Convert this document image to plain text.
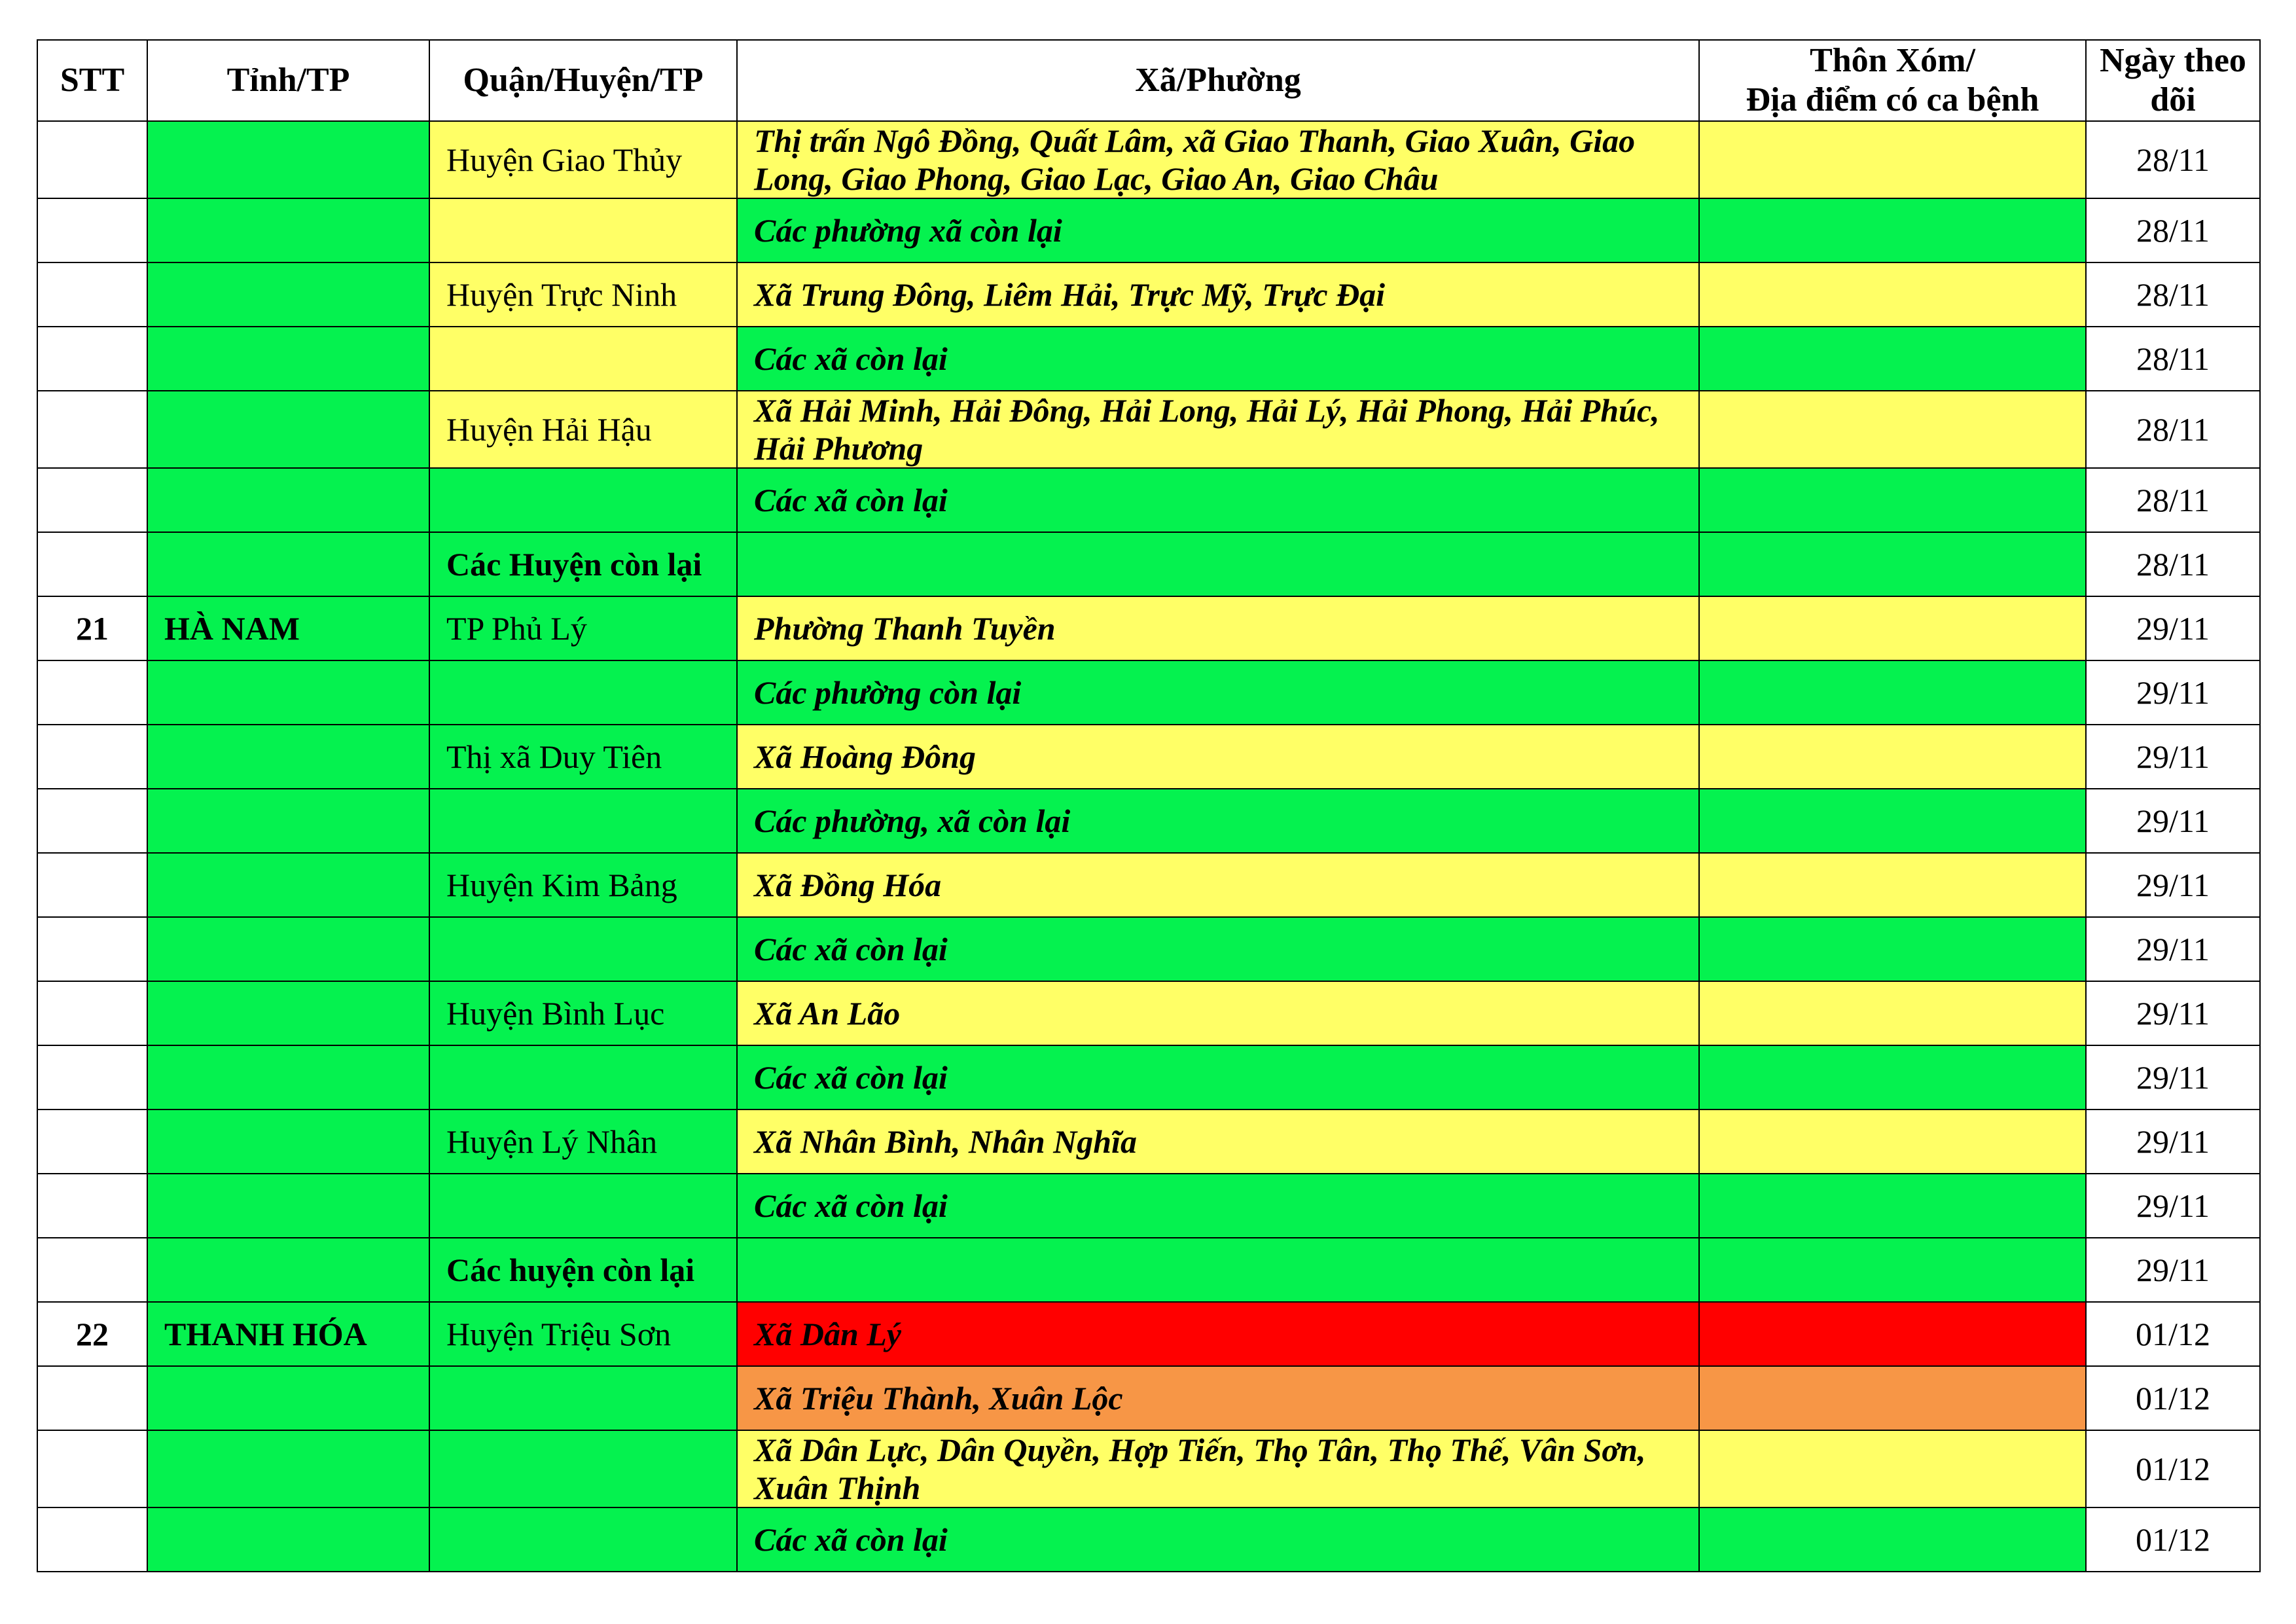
STT	Tỉnh/TP	Quận/Huyện/TP	Xã/Phường	Thôn Xóm/
Địa điểm có ca bệnh	Ngày theo dõi
		Huyện Giao Thủy	Thị trấn Ngô Đồng, Quất Lâm, xã Giao Thanh, Giao Xuân, Giao Long, Giao Phong, Giao Lạc, Giao An, Giao Châu		28/11
			Các phường xã còn lại		28/11
		Huyện Trực Ninh	Xã Trung Đông, Liêm Hải, Trực Mỹ, Trực Đại		28/11
			Các xã còn lại		28/11
		Huyện Hải Hậu	Xã Hải Minh, Hải Đông, Hải Long, Hải Lý, Hải Phong, Hải Phúc, Hải Phương		28/11
			Các xã còn lại		28/11
		Các Huyện còn lại			28/11
21	HÀ NAM	TP Phủ Lý	Phường Thanh Tuyền		29/11
			Các phường còn lại		29/11
		Thị xã Duy Tiên	Xã Hoàng Đông		29/11
			Các phường, xã còn lại		29/11
		Huyện Kim Bảng	Xã Đồng Hóa		29/11
			Các xã còn lại		29/11
		Huyện Bình Lục	Xã An Lão		29/11
			Các xã còn lại		29/11
		Huyện Lý Nhân	Xã Nhân Bình, Nhân Nghĩa		29/11
			Các xã còn lại		29/11
		Các huyện còn lại			29/11
22	THANH HÓA	Huyện Triệu Sơn	Xã Dân Lý		01/12
			Xã Triệu Thành, Xuân Lộc		01/12
			Xã Dân Lực, Dân Quyền, Hợp Tiến, Thọ Tân, Thọ Thế, Vân Sơn, Xuân Thịnh		01/12
			Các xã còn lại		01/12
